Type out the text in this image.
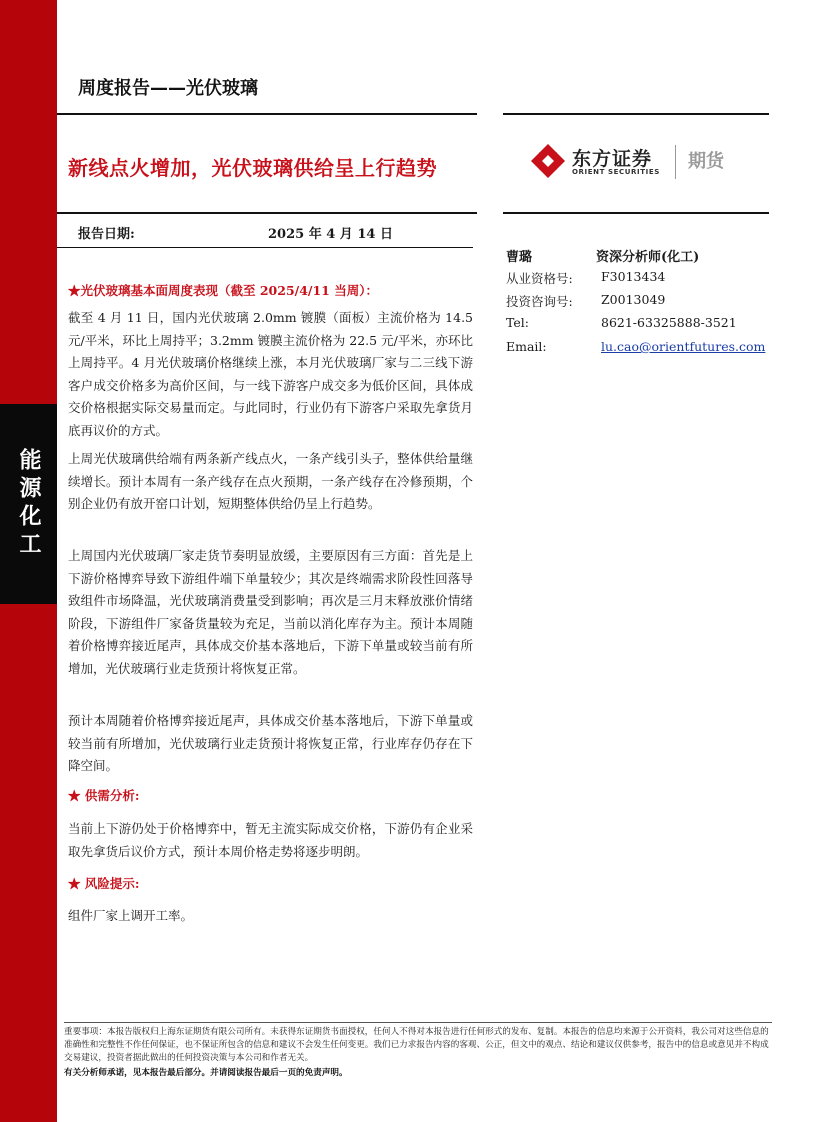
能源化工
周度报告——光伏玻璃
新线点火增加，光伏玻璃供给呈上行趋势	东方证券
ORIENT SECURITIES 期货
报告日期:	2025 年 4 月 14 日
★光伏玻璃基本面周度表现（截至 2025/4/11 当周）：
截至 4 月 11 日，国内光伏玻璃 2.0mm 镀膜（面板）主流价格为 14.5 元/平米，环比上周持平；3.2mm 镀膜主流价格为 22.5 元/平米，亦环比上周持平。4 月光伏玻璃价格继续上涨，本月光伏玻璃厂家与二三线下游客户成交价格多为高价区间，与一线下游客户成交多为低价区间，具体成交价格根据实际交易量而定。与此同时，行业仍有下游客户采取先拿货月底再议价的方式。
上周光伏玻璃供给端有两条新产线点火，一条产线引头子，整体供给量继续增长。预计本周有一条产线存在点火预期，一条产线存在冷修预期，个别企业仍有放开窑口计划，短期整体供给仍呈上行趋势。
上周国内光伏玻璃厂家走货节奏明显放缓，主要原因有三方面：首先是上下游价格博弈导致下游组件端下单量较少；其次是终端需求阶段性回落导致组件市场降温，光伏玻璃消费量受到影响；再次是三月末释放涨价情绪阶段，下游组件厂家备货量较为充足，当前以消化库存为主。预计本周随着价格博弈接近尾声，具体成交价基本落地后，下游下单量或较当前有所增加，光伏玻璃行业走货预计将恢复正常。
预计本周随着价格博弈接近尾声，具体成交价基本落地后，下游下单量或较当前有所增加，光伏玻璃行业走货预计将恢复正常，行业库存仍存在下降空间。
★ 供需分析:
当前上下游仍处于价格博弈中，暂无主流实际成交价格，下游仍有企业采取先拿货后议价方式，预计本周价格走势将逐步明朗。
★ 风险提示:
组件厂家上调开工率。
曹璐	资深分析师(化工)
从业资格号: F3013434
投资咨询号: Z0013049
Tel:	8621-63325888-3521
Email:	lu.cao@orientfutures.com
重要事项：本报告版权归上海东证期货有限公司所有。未获得东证期货书面授权，任何人不得对本报告进行任何形式的发布、复制。本报告的信息均来源于公开资料，我公司对这些信息的准确性和完整性不作任何保证，也不保证所包含的信息和建议不会发生任何变更。我们已力求报告内容的客观、公正，但文中的观点、结论和建议仅供参考，报告中的信息或意见并不构成交易建议，投资者据此做出的任何投资决策与本公司和作者无关。
有关分析师承诺，见本报告最后部分。并请阅读报告最后一页的免责声明。
